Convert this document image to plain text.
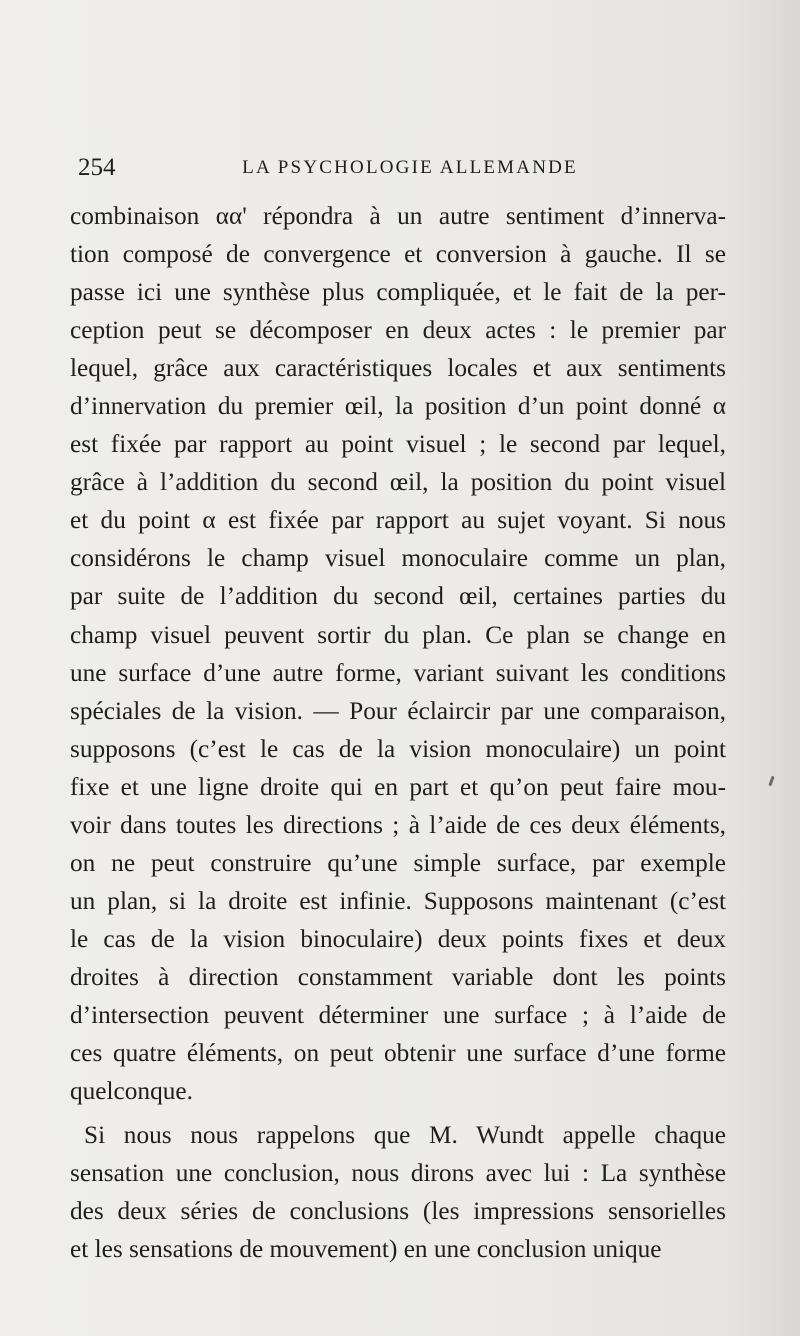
254	LA PSYCHOLOGIE ALLEMANDE
combinaison αα' répondra à un autre sentiment d’innerva-
tion composé de convergence et conversion à gauche. Il se
passe ici une synthèse plus compliquée, et le fait de la per-
ception peut se décomposer en deux actes : le premier par
lequel, grâce aux caractéristiques locales et aux sentiments
d’innervation du premier œil, la position d’un point donné α
est fixée par rapport au point visuel ; le second par lequel,
grâce à l’addition du second œil, la position du point visuel
et du point α est fixée par rapport au sujet voyant. Si nous
considérons le champ visuel monoculaire comme un plan,
par suite de l’addition du second œil, certaines parties du
champ visuel peuvent sortir du plan. Ce plan se change en
une surface d’une autre forme, variant suivant les conditions
spéciales de la vision. — Pour éclaircir par une comparaison,
supposons (c’est le cas de la vision monoculaire) un point
fixe et une ligne droite qui en part et qu’on peut faire mou-
voir dans toutes les directions ; à l’aide de ces deux éléments,
on ne peut construire qu’une simple surface, par exemple
un plan, si la droite est infinie. Supposons maintenant (c’est
le cas de la vision binoculaire) deux points fixes et deux
droites à direction constamment variable dont les points
d’intersection peuvent déterminer une surface ; à l’aide de
ces quatre éléments, on peut obtenir une surface d’une forme
quelconque.
Si nous nous rappelons que M. Wundt appelle chaque
sensation une conclusion, nous dirons avec lui : La synthèse
des deux séries de conclusions (les impressions sensorielles
et les sensations de mouvement) en une conclusion unique
